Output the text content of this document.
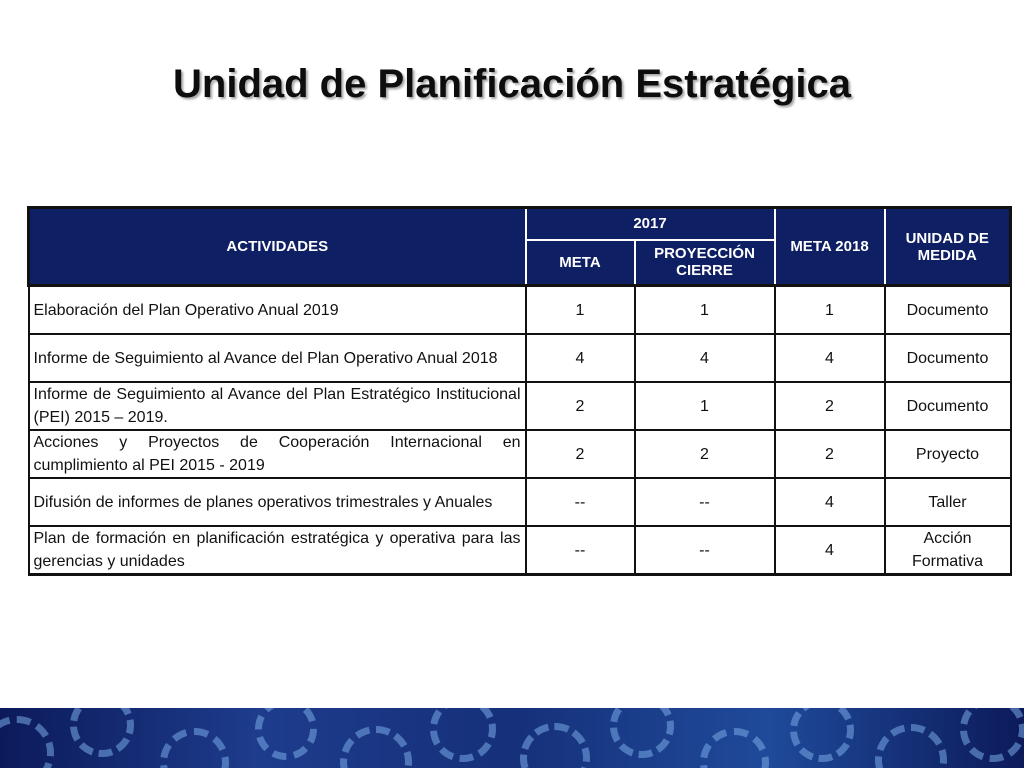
Unidad de Planificación Estratégica
ACTIVIDADES	2017		META 2018	UNIDAD DE MEDIDA
	META	PROYECCIÓN CIERRE		
Elaboración del Plan Operativo Anual 2019	1	1	1	Documento
Informe de Seguimiento al Avance del Plan Operativo Anual 2018	4	4	4	Documento
Informe de Seguimiento al Avance del Plan Estratégico Institucional (PEI) 2015 – 2019.	2	1	2	Documento
Acciones y Proyectos de Cooperación Internacional en cumplimiento al PEI 2015 - 2019	2	2	2	Proyecto
Difusión de informes de planes operativos trimestrales y Anuales	--	--	4	Taller
Plan de formación en planificación estratégica y operativa para las gerencias y unidades	--	--	4	Acción Formativa
